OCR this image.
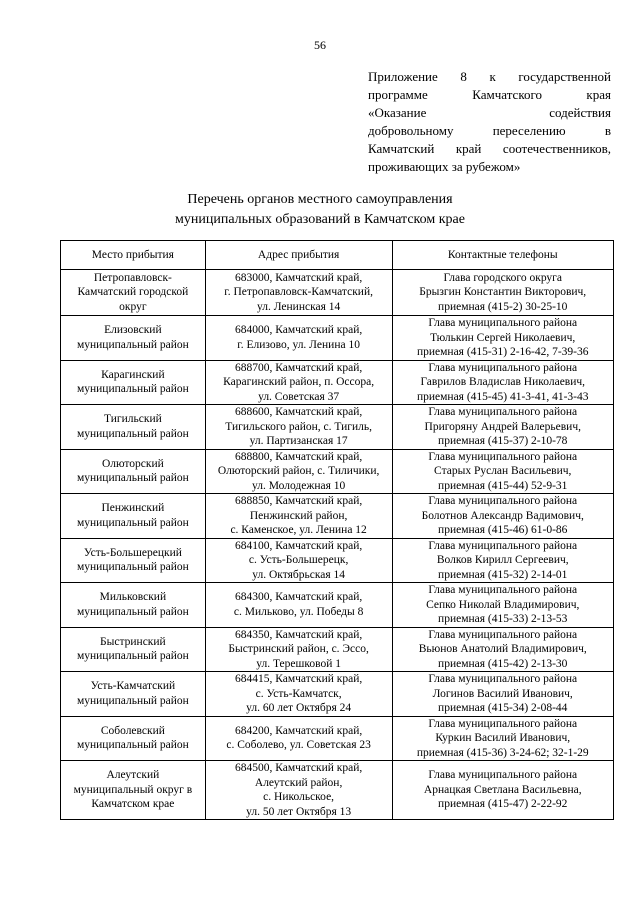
56
Приложение 8 к государственной
программе Камчатского края
«Оказание содействия
добровольному переселению в
Камчатский край соотечественников,
проживающих за рубежом»
Перечень органов местного самоуправления
муниципальных образований в Камчатском крае
Место прибытия	Адрес прибытия	Контактные телефоны

Петропавловск-
Камчатский городской
округ	683000, Камчатский край,
г. Петропавловск-Камчатский,
ул. Ленинская 14	Глава городского округа
Брызгин Константин Викторович,
приемная (415-2) 30-25-10

Елизовский
муниципальный район	684000, Камчатский край,
г. Елизово, ул. Ленина 10	Глава муниципального района
Тюлькин Сергей Николаевич,
приемная (415-31) 2-16-42, 7-39-36

Карагинский
муниципальный район	688700, Камчатский край,
Карагинский район, п. Оссора,
ул. Советская 37	Глава муниципального района
Гаврилов Владислав Николаевич,
приемная (415-45) 41-3-41, 41-3-43

Тигильский
муниципальный район	688600, Камчатский край,
Тигильского район, с. Тигиль,
ул. Партизанская 17	Глава муниципального района
Пригоряну Андрей Валерьевич,
приемная (415-37) 2-10-78

Олюторский
муниципальный район	688800, Камчатский край,
Олюторский район, с. Тиличики,
ул. Молодежная 10	Глава муниципального района
Старых Руслан Васильевич,
приемная (415-44) 52-9-31

Пенжинский
муниципальный район	688850, Камчатский край,
Пенжинский район,
с. Каменское, ул. Ленина 12	Глава муниципального района
Болотнов Александр Вадимович,
приемная (415-46) 61-0-86

Усть-Большерецкий
муниципальный район	684100, Камчатский край,
с. Усть-Большерецк,
ул. Октябрьская 14	Глава муниципального района
Волков Кирилл Сергеевич,
приемная (415-32) 2-14-01

Мильковский
муниципальный район	684300, Камчатский край,
с. Мильково, ул. Победы 8	Глава муниципального района
Сепко Николай Владимирович,
приемная (415-33) 2-13-53

Быстринский
муниципальный район	684350, Камчатский край,
Быстринский район, с. Эссо,
ул. Терешковой 1	Глава муниципального района
Вьюнов Анатолий Владимирович,
приемная (415-42) 2-13-30

Усть-Камчатский
муниципальный район	684415, Камчатский край,
с. Усть-Камчатск,
ул. 60 лет Октября 24	Глава муниципального района
Логинов Василий Иванович,
приемная (415-34) 2-08-44

Соболевский
муниципальный район	684200, Камчатский край,
с. Соболево, ул. Советская 23	Глава муниципального района
Куркин Василий Иванович,
приемная (415-36) 3-24-62; 32-1-29

Алеутский
муниципальный округ в
Камчатском крае	684500, Камчатский край,
Алеутский район,
с. Никольское,
ул. 50 лет Октября 13	Глава муниципального района
Арнацкая Светлана Васильевна,
приемная (415-47) 2-22-92
